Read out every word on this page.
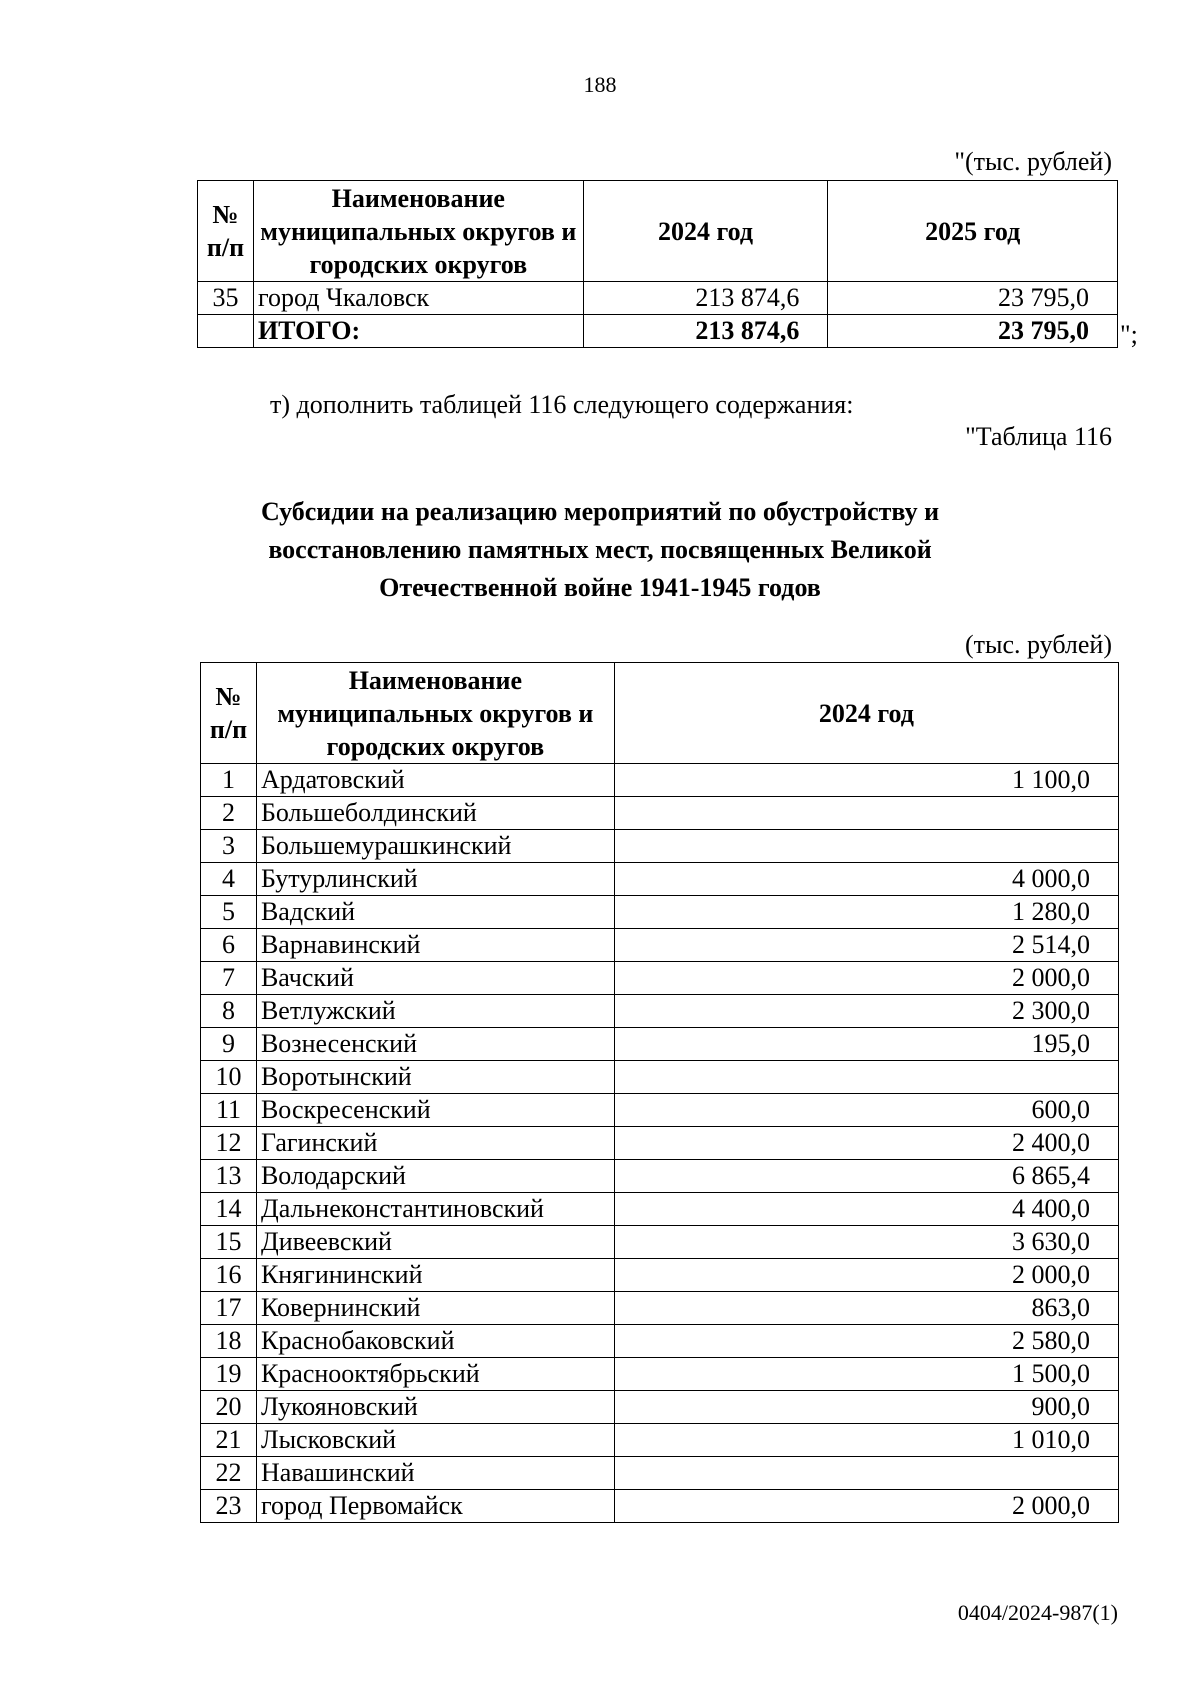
188
"(тыс. рублей)
№ п/п	Наименование муниципальных округов и городских округов	2024 год	2025 год
35	город Чкаловск	213 874,6	23 795,0
	ИТОГО:	213 874,6	23 795,0 ";
т) дополнить таблицей 116 следующего содержания:
"Таблица 116
Субсидии на реализацию мероприятий по обустройству и
восстановлению памятных мест, посвященных Великой
Отечественной войне 1941-1945 годов
(тыс. рублей)
№ п/п	Наименование муниципальных округов и городских округов	2024 год
1	Ардатовский	1 100,0
2	Большеболдинский	
3	Большемурашкинский	
4	Бутурлинский	4 000,0
5	Вадский	1 280,0
6	Варнавинский	2 514,0
7	Вачский	2 000,0
8	Ветлужский	2 300,0
9	Вознесенский	195,0
10	Воротынский	
11	Воскресенский	600,0
12	Гагинский	2 400,0
13	Володарский	6 865,4
14	Дальнеконстантиновский	4 400,0
15	Дивеевский	3 630,0
16	Княгининский	2 000,0
17	Ковернинский	863,0
18	Краснобаковский	2 580,0
19	Краснооктябрьский	1 500,0
20	Лукояновский	900,0
21	Лысковский	1 010,0
22	Навашинский	
23	город Первомайск	2 000,0
0404/2024-987(1)
